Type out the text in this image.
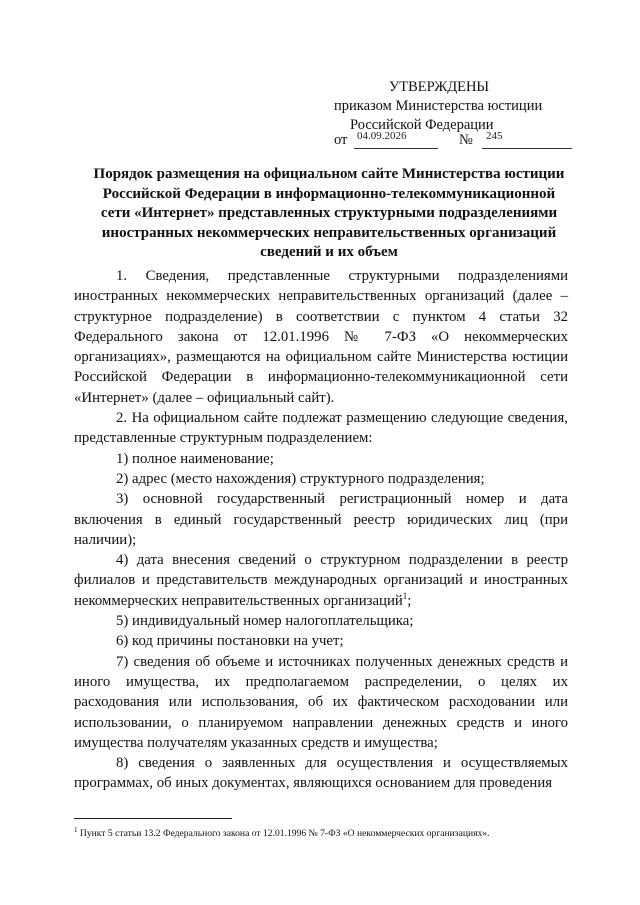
УТВЕРЖДЕНЫ
приказом Министерства юстиции
Российской Федерации
от 04.09.2026	№ 245
Порядок размещения на официальном сайте Министерства юстиции Российской Федерации в информационно-телекоммуникационной сети «Интернет» представленных структурными подразделениями иностранных некоммерческих неправительственных организаций сведений и их объем

1. Сведения, представленные структурными подразделениями иностранных некоммерческих неправительственных организаций (далее – структурное подразделение) в соответствии с пунктом 4 статьи 32 Федерального закона от 12.01.1996 № 7-ФЗ «О некоммерческих организациях», размещаются на официальном сайте Министерства юстиции Российской Федерации в информационно-телекоммуникационной сети «Интернет» (далее – официальный сайт).

2. На официальном сайте подлежат размещению следующие сведения, представленные структурным подразделением:

1) полное наименование;

2) адрес (место нахождения) структурного подразделения;

3) основной государственный регистрационный номер и дата включения в единый государственный реестр юридических лиц (при наличии);

4) дата внесения сведений о структурном подразделении в реестр филиалов и представительств международных организаций и иностранных некоммерческих неправительственных организаций$^1$;

5) индивидуальный номер налогоплательщика;

6) код причины постановки на учет;

7) сведения об объеме и источниках полученных денежных средств и иного имущества, их предполагаемом распределении, о целях их расходования или использования, об их фактическом расходовании или использовании, о планируемом направлении денежных средств и иного имущества получателям указанных средств и имущества;

8) сведения о заявленных для осуществления и осуществляемых программах, об иных документах, являющихся основанием для проведения

$^1$ Пункт 5 статьи 13.2 Федерального закона от 12.01.1996 № 7-ФЗ «О некоммерческих организациях».
